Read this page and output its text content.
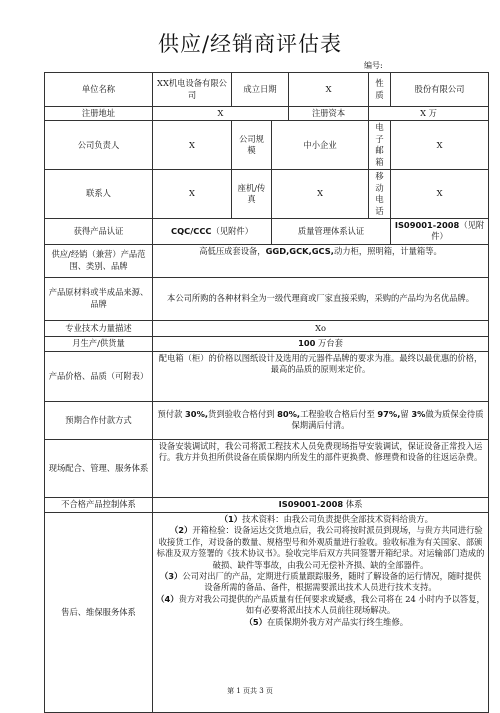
供应/经销商评估表
编号:
单位名称	XX机电设备有限公司	成立日期		X	性质	股份有限公司
注册地址	X			注册资本	X 万	
公司负责人	X	公司规模	中小企业		电子邮箱	X
联系人	X	座机/传真	X		移动电话	X
获得产品认证	CQC/CCC（见附件）		质量管理体系认证			IS09001-2008（见附件）
供应/经销（兼营）产品范围、类别、品牌	高低压成套设备，GGD,GCK,GCS,动力柜，照明箱，计量箱等。					
产品原材料或半成品来源、品牌	本公司所购的各种材料全为一级代理商或厂家直接采购，采购的产品均为名优品牌。					
专业技术力量描述	Xo					
月生产/供货量	100 万台套					
产品价格、品质（可附表）	配电箱（柜）的价格以图纸设计及选用的元器件品牌的要求为准。最终以最优惠的价格，最高的品质的原则来定价。					
预期合作付款方式	预付款 30%,货到验收合格付到 80%,工程验收合格后付至 97%,留 3%做为质保金待质保期满后付清。					
现场配合、管理、服务体系	设备安装调试时，我公司将派工程技术人员免费现场指导安装调试，保证设备正常投入运行。我方并负担所供设备在质保期内所发生的部件更换费、修理费和设备的往返运杂费。					
不合格产品控制体系	IS09001-2008 体系					
售后、维保服务体系	（1）技术资料：由我公司负责提供全部技术资料给贵方。

（2）开箱检验：设备运达交货地点后，我公司将按时派员到现场，与贵方共同进行验收接货工作，对设备的数量、规格型号和外观质量进行验收。验收标准为有关国家、部颁标准及双方签署的《技术协议书》。验收完毕后双方共同签署开箱纪录。对运输部门造成的破损、缺件等事故，由我公司无偿补齐损、缺的全部器件。

（3）公司对出厂的产品，定期进行质量跟踪服务，随时了解设备的运行情况，随时提供设备所需的备品、备件，根据需要派出技术人员进行技术支持。

（4）贵方对我公司提供的产品质量有任何要求或疑惑，我公司将在 24 小时内予以答复，如有必要将派出技术人员前往现场解决。

（5）在质保期外我方对产品实行终生维修。					

第 1 页共 3 页
